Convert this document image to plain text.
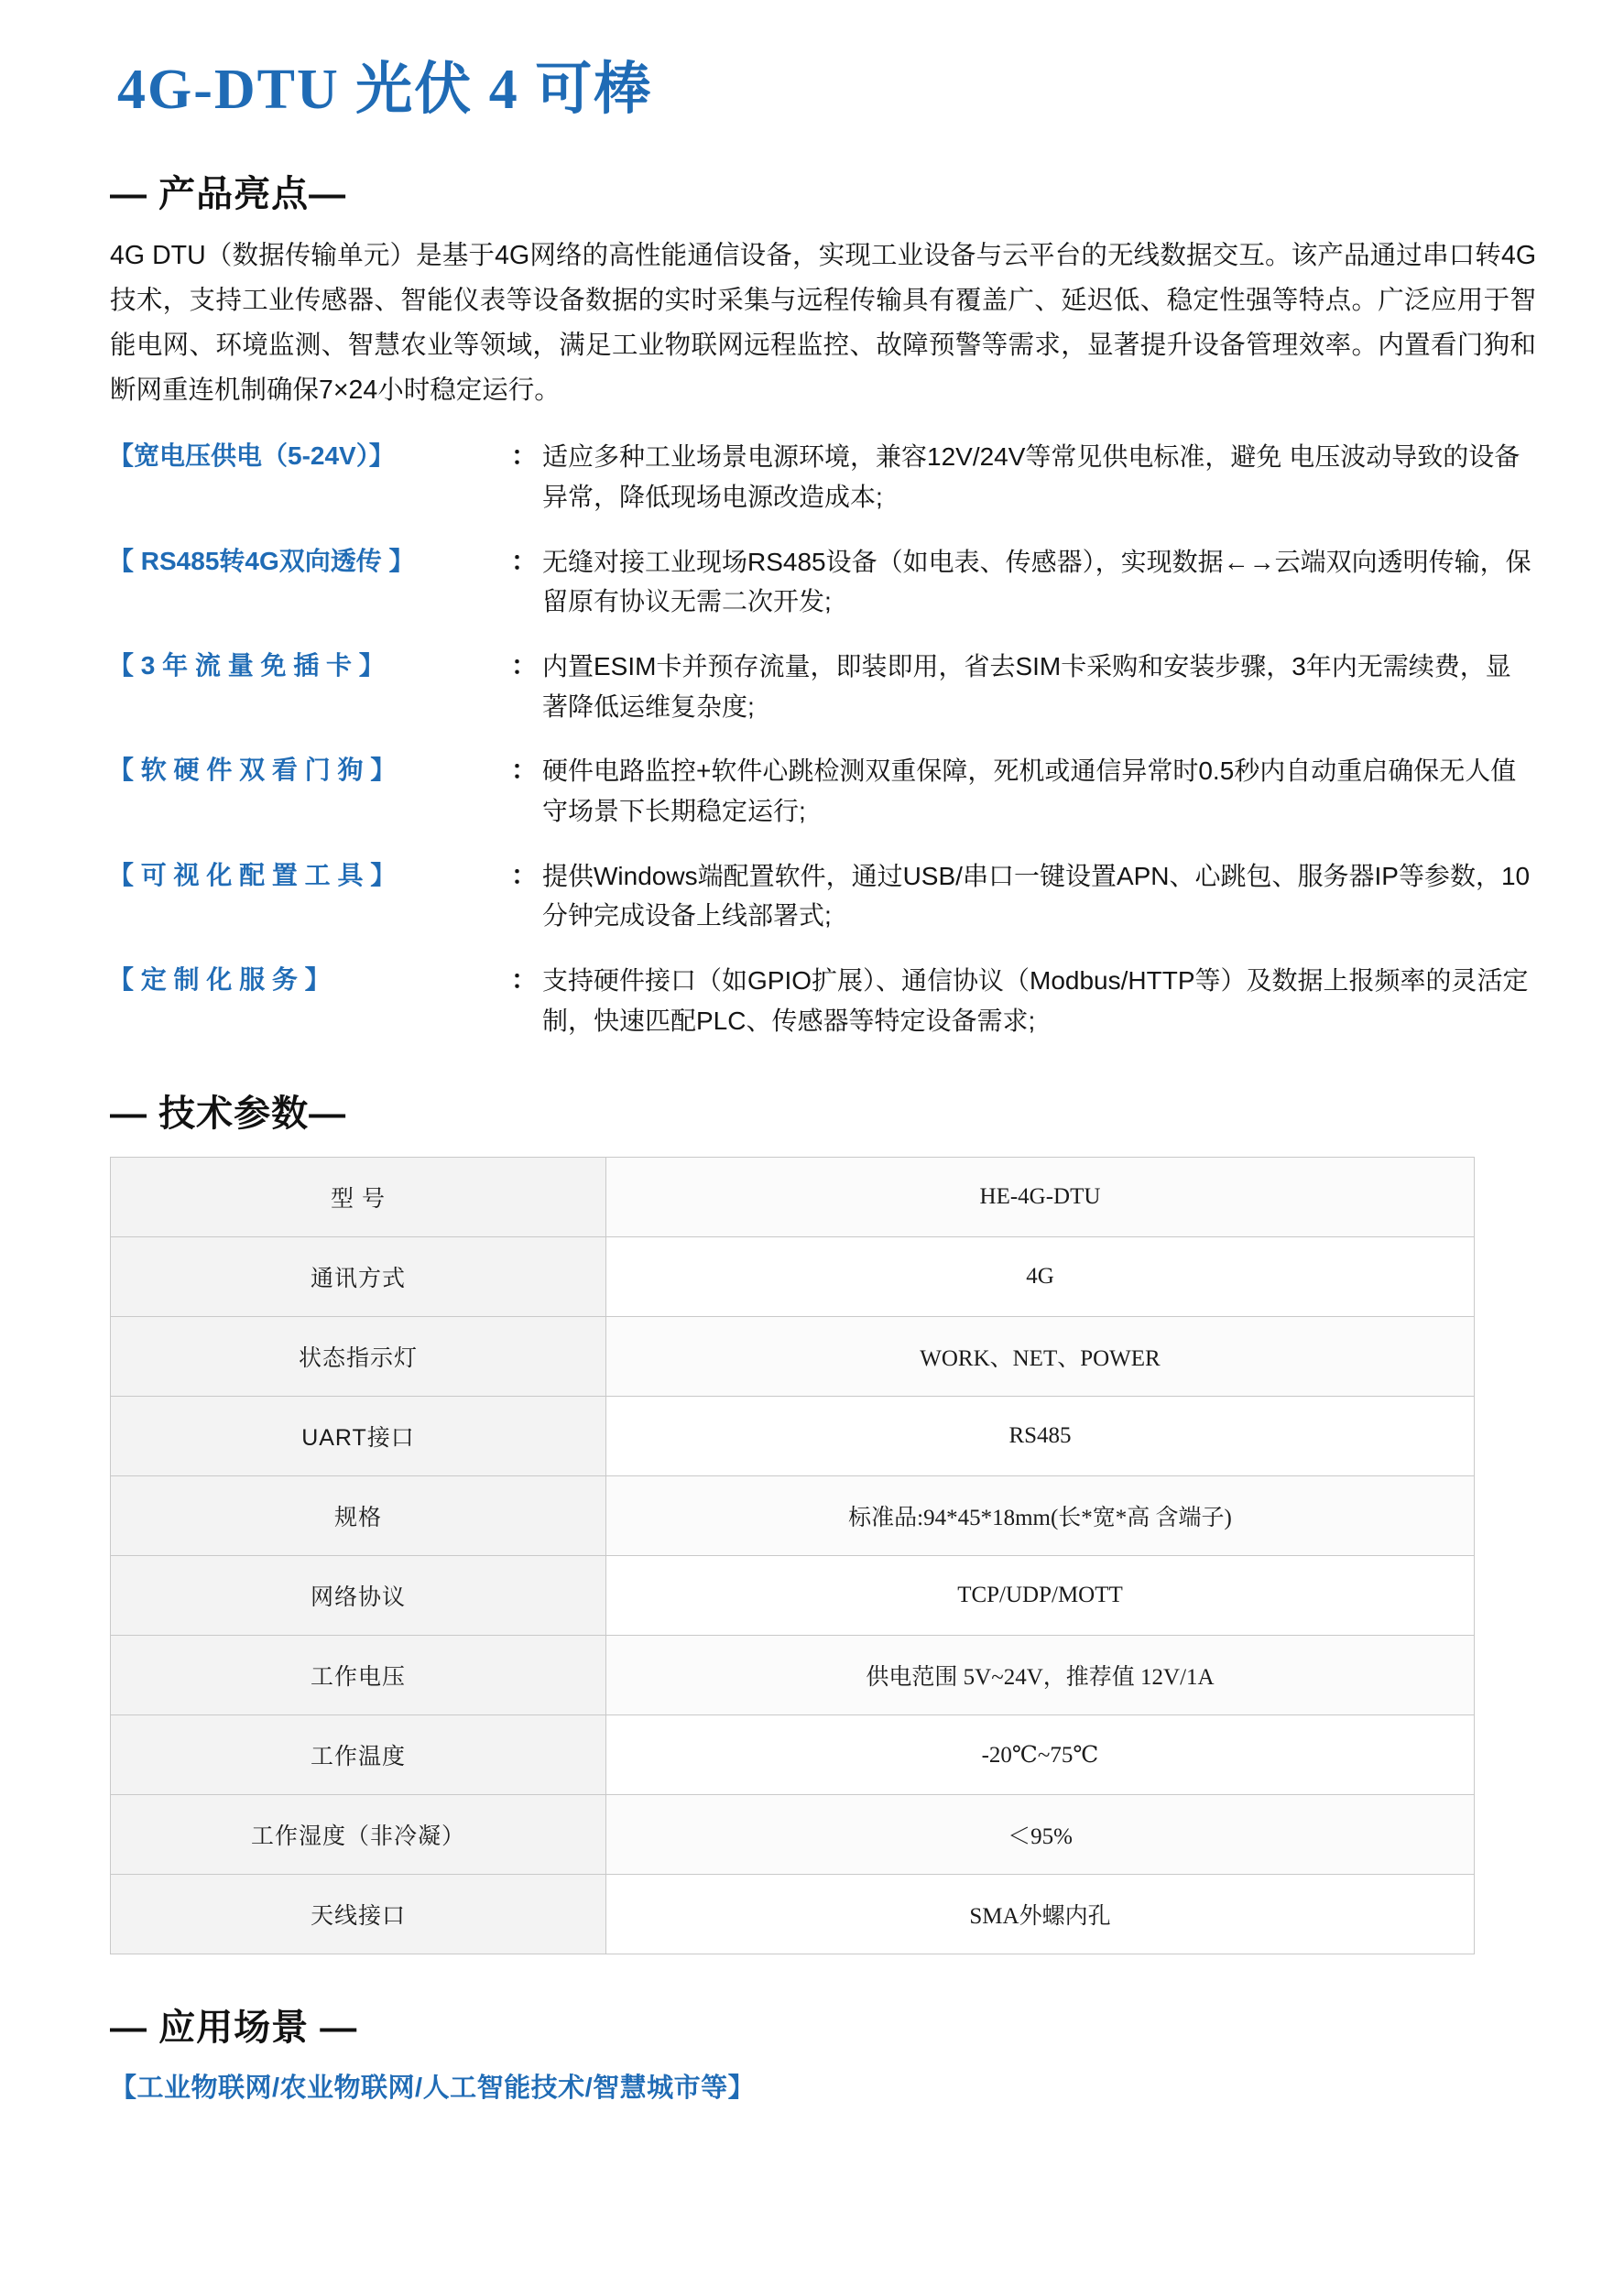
4G-DTU 光伏 4 可棒
— 产品亮点—

4G DTU（数据传输单元）是基于4G网络的高性能通信设备，实现工业设备与云平台的无线数据交互。该产品通过串口转4G技术，支持工业传感器、智能仪表等设备数据的实时采集与远程传输具有覆盖广、延迟低、稳定性强等特点。广泛应用于智能电网、环境监测、智慧农业等领域，满足工业物联网远程监控、故障预警等需求，显著提升设备管理效率。内置看门狗和断网重连机制确保7×24小时稳定运行。

【宽电压供电（5-24V）】	： 适应多种工业场景电源环境，兼容12V/24V等常见供电标准，避免 电压波动导致的设备异常，降低现场电源改造成本;
【 RS485转4G双向透传 】	： 无缝对接工业现场RS485设备（如电表、传感器），实现数据←→云端双向透明传输，保留原有协议无需二次开发;
【 3 年 流 量 免 插 卡 】	： 内置ESIM卡并预存流量，即装即用，省去SIM卡采购和安装步骤，3年内无需续费，显著降低运维复杂度;
【 软 硬 件 双 看 门 狗 】	： 硬件电路监控+软件心跳检测双重保障，死机或通信异常时0.5秒内自动重启确保无人值守场景下长期稳定运行;
【 可 视 化 配 置 工 具 】	： 提供Windows端配置软件，通过USB/串口一键设置APN、心跳包、服务器IP等参数，10分钟完成设备上线部署式;
【 定 制 化 服 务 】	： 支持硬件接口（如GPIO扩展）、通信协议（Modbus/HTTP等）及数据上报频率的灵活定制，快速匹配PLC、传感器等特定设备需求;
— 技术参数—
型 号	HE-4G-DTU
通讯方式	4G
状态指示灯	WORK、NET、POWER
UART接口	RS485
规格	标准品:94*45*18mm(长*宽*高 含端子)
网络协议	TCP/UDP/MOTT
工作电压	供电范围 5V~24V，推荐值 12V/1A
工作温度	-20℃~75℃
工作湿度（非冷凝）	＜95%
天线接口	SMA外螺内孔
— 应用场景 —
【工业物联网/农业物联网/人工智能技术/智慧城市等】
